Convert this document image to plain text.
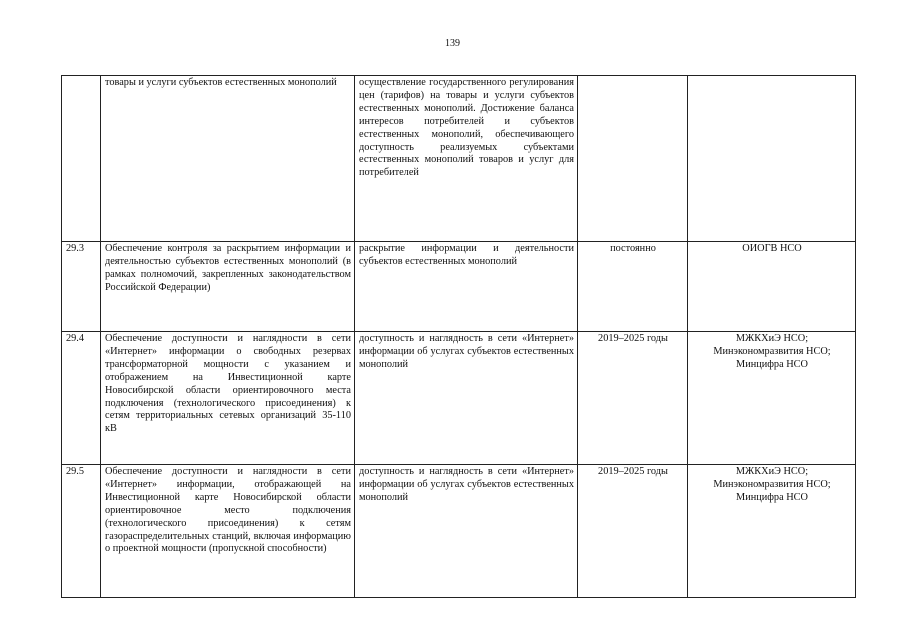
139
	товары и услуги субъектов естественных монополий	осуществление государственного регулирования цен (тарифов) на товары и услуги субъектов естественных монополий. Достижение баланса интересов потребителей и субъектов естественных монополий, обеспечивающего доступность реализуемых субъектами естественных монополий товаров и услуг для потребителей		
29.3	Обеспечение контроля за раскрытием информации и деятельностью субъектов естественных монополий (в рамках полномочий, закрепленных законодательством Российской Федерации)	раскрытие информации и деятельности субъектов естественных монополий	постоянно	ОИОГВ НСО
29.4	Обеспечение доступности и наглядности в сети «Интернет» информации о свободных резервах трансформаторной мощности с указанием и отображением на Инвестиционной карте Новосибирской области ориентировочного места подключения (технологического присоединения) к сетям территориальных сетевых организаций 35-110 кВ	доступность и наглядность в сети «Интернет» информации об услугах субъектов естественных монополий	2019–2025 годы	МЖКХиЭ НСО; Минэкономразвития НСО; Минцифра НСО
29.5	Обеспечение доступности и наглядности в сети «Интернет» информации, отображающей на Инвестиционной карте Новосибирской области ориентировочное место подключения (технологического присоединения) к сетям газораспределительных станций, включая информацию о проектной мощности (пропускной способности)	доступность и наглядность в сети «Интернет» информации об услугах субъектов естественных монополий	2019–2025 годы	МЖКХиЭ НСО; Минэкономразвития НСО; Минцифра НСО
